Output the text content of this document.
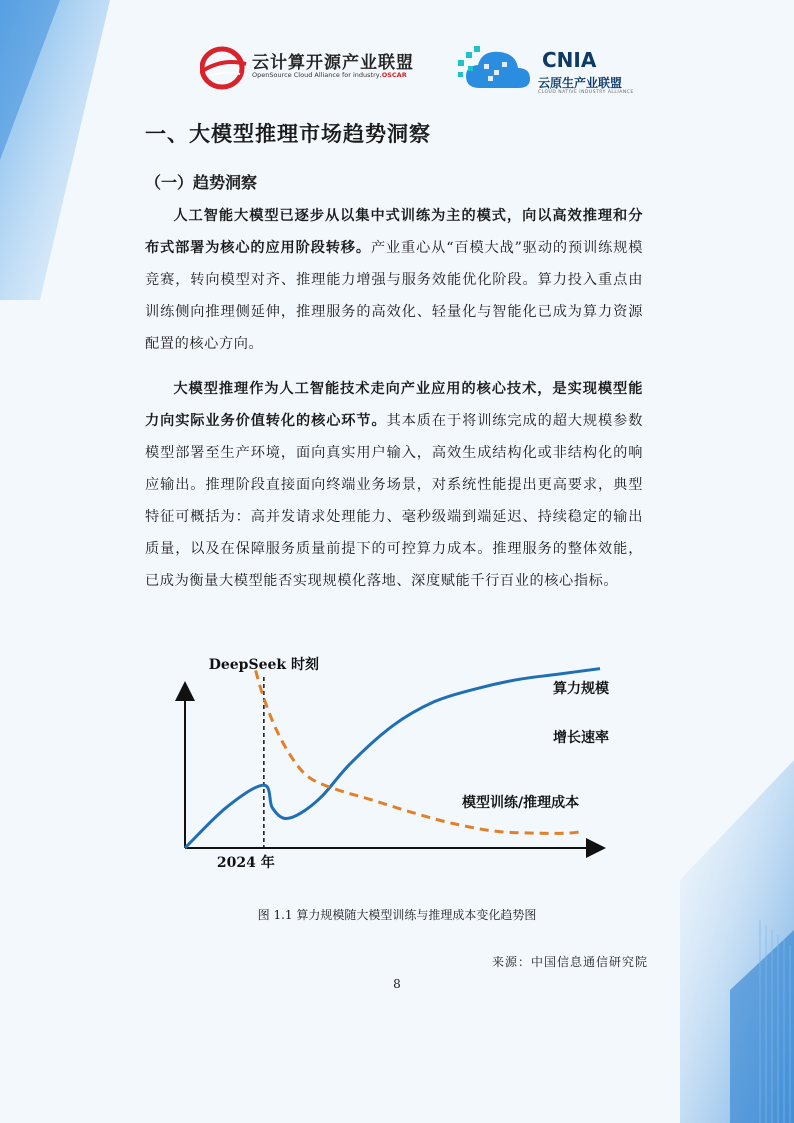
云计算开源产业联盟
OpenSource Cloud Alliance for industry,OSCAR
CNIA
云原生产业联盟
CLOUD NATIVE INDUSTRY ALLIANCE
一、大模型推理市场趋势洞察
（一）趋势洞察

人工智能大模型已逐步从以集中式训练为主的模式，向以高效推理和分布式部署为核心的应用阶段转移。产业重心从“百模大战”驱动的预训练规模竞赛，转向模型对齐、推理能力增强与服务效能优化阶段。算力投入重点由训练侧向推理侧延伸，推理服务的高效化、轻量化与智能化已成为算力资源配置的核心方向。

大模型推理作为人工智能技术走向产业应用的核心技术，是实现模型能力向实际业务价值转化的核心环节。其本质在于将训练完成的超大规模参数模型部署至生产环境，面向真实用户输入，高效生成结构化或非结构化的响应输出。推理阶段直接面向终端业务场景，对系统性能提出更高要求，典型特征可概括为：高并发请求处理能力、毫秒级端到端延迟、持续稳定的输出质量，以及在保障服务质量前提下的可控算力成本。推理服务的整体效能，已成为衡量大模型能否实现规模化落地、深度赋能千行百业的核心指标。

DeepSeek 时刻
2024 年
算力规模
增长速率
模型训练/推理成本
图 1.1 算力规模随大模型训练与推理成本变化趋势图
来源：中国信息通信研究院
8
